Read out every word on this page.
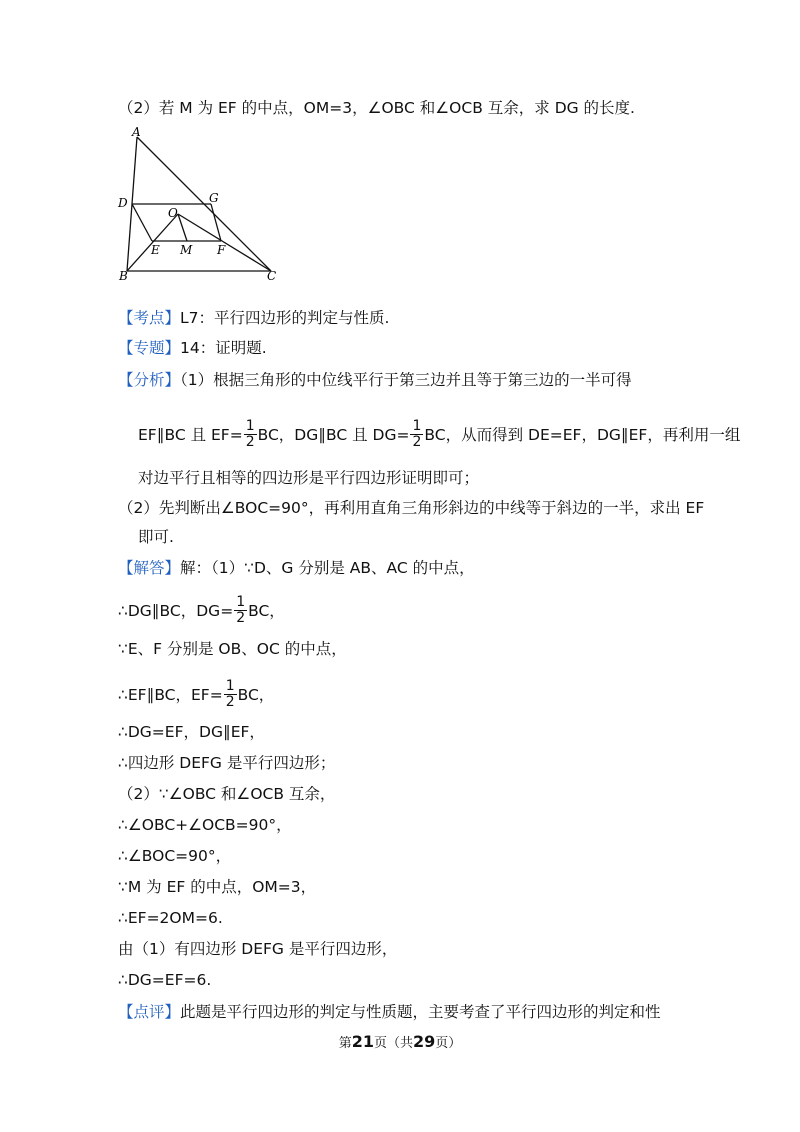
（2）若 M 为 EF 的中点，OM=3，∠OBC 和∠OCB 互余，求 DG 的长度.
A
D	G
O
E M F
B	C
【考点】L7：平行四边形的判定与性质.
【专题】14：证明题.
【分析】（1）根据三角形的中位线平行于第三边并且等于第三边的一半可得
EF∥BC 且 $EF= \frac{1}{2}$ BC，DG∥BC 且 $DG= \frac{1}{2}$ BC，从而得到 DE=EF，DG∥EF，再利用一组
对边平行且相等的四边形是平行四边形证明即可；
（2）先判断出∠BOC=90°，再利用直角三角形斜边的中线等于斜边的一半，求出 EF
即可.
【解答】解：（1）∵D、G 分别是 AB、AC 的中点，
∴DG∥BC，$DG= \frac{1}{2}$ BC，
∵E、F 分别是 OB、OC 的中点，
∴EF∥BC，$EF= \frac{1}{2}$ BC，
∴DG=EF，DG∥EF，
∴四边形 DEFG 是平行四边形；
（2）∵∠OBC 和∠OCB 互余，
∴∠OBC+∠OCB=90°，
∴∠BOC=90°，
∵M 为 EF 的中点，OM=3，
∴EF=2OM=6.
由（1）有四边形 DEFG 是平行四边形，
∴DG=EF=6.
【点评】此题是平行四边形的判定与性质题，主要考查了平行四边形的判定和性
第21页（共29页）
